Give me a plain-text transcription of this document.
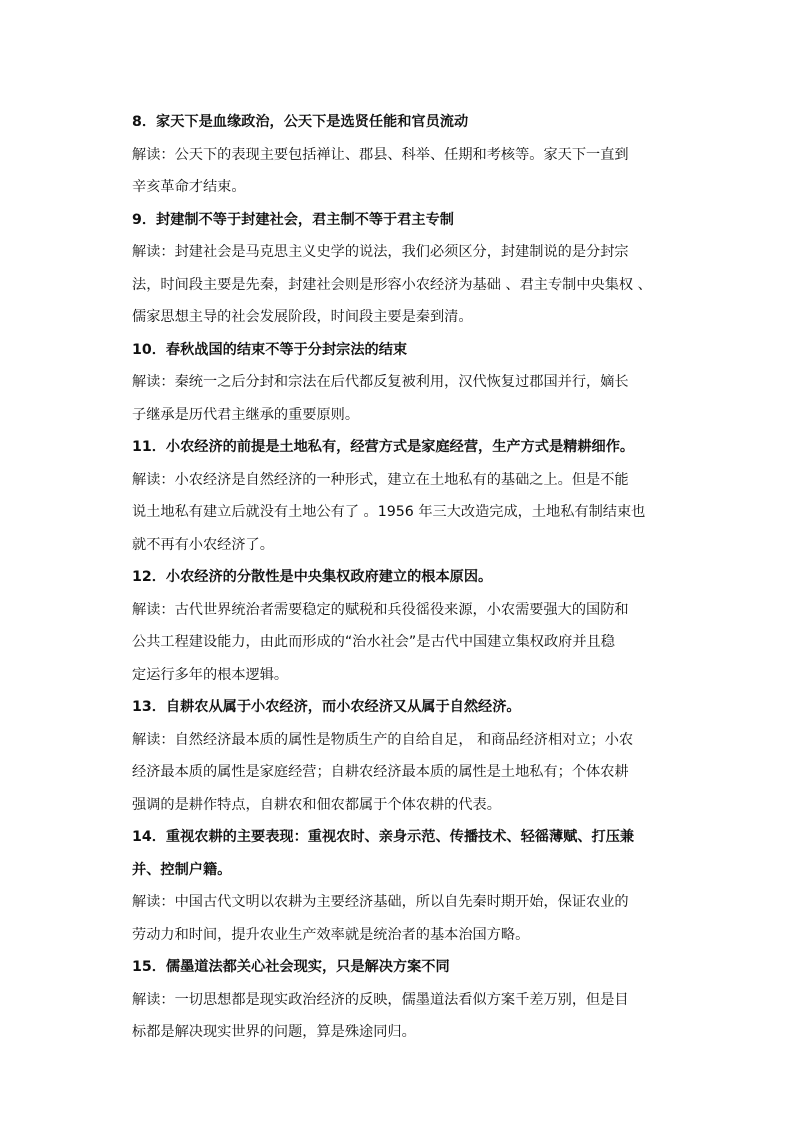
8．家天下是血缘政治，公天下是选贤任能和官员流动
解读：公天下的表现主要包括禅让、郡县、科举、任期和考核等。家天下一直到
辛亥革命才结束。
9．封建制不等于封建社会，君主制不等于君主专制
解读：封建社会是马克思主义史学的说法，我们必须区分，封建制说的是分封宗
法，时间段主要是先秦，封建社会则是形容小农经济为基础 、君主专制中央集权 、
儒家思想主导的社会发展阶段，时间段主要是秦到清。
10．春秋战国的结束不等于分封宗法的结束
解读：秦统一之后分封和宗法在后代都反复被利用，汉代恢复过郡国并行，嫡长
子继承是历代君主继承的重要原则。
11．小农经济的前提是土地私有，经营方式是家庭经营，生产方式是精耕细作。
解读：小农经济是自然经济的一种形式，建立在土地私有的基础之上。但是不能
说土地私有建立后就没有土地公有了 。1956 年三大改造完成，土地私有制结束也
就不再有小农经济了。
12．小农经济的分散性是中央集权政府建立的根本原因。
解读：古代世界统治者需要稳定的赋税和兵役徭役来源，小农需要强大的国防和
公共工程建设能力，由此而形成的“治水社会”是古代中国建立集权政府并且稳
定运行多年的根本逻辑。
13．自耕农从属于小农经济，而小农经济又从属于自然经济。
解读：自然经济最本质的属性是物质生产的自给自足， 和商品经济相对立；小农
经济最本质的属性是家庭经营；自耕农经济最本质的属性是土地私有；个体农耕
强调的是耕作特点，自耕农和佃农都属于个体农耕的代表。
14．重视农耕的主要表现：重视农时、亲身示范、传播技术、轻徭薄赋、打压兼
并、控制户籍。
解读：中国古代文明以农耕为主要经济基础，所以自先秦时期开始，保证农业的
劳动力和时间，提升农业生产效率就是统治者的基本治国方略。
15．儒墨道法都关心社会现实，只是解决方案不同
解读：一切思想都是现实政治经济的反映，儒墨道法看似方案千差万别，但是目
标都是解决现实世界的问题，算是殊途同归。
